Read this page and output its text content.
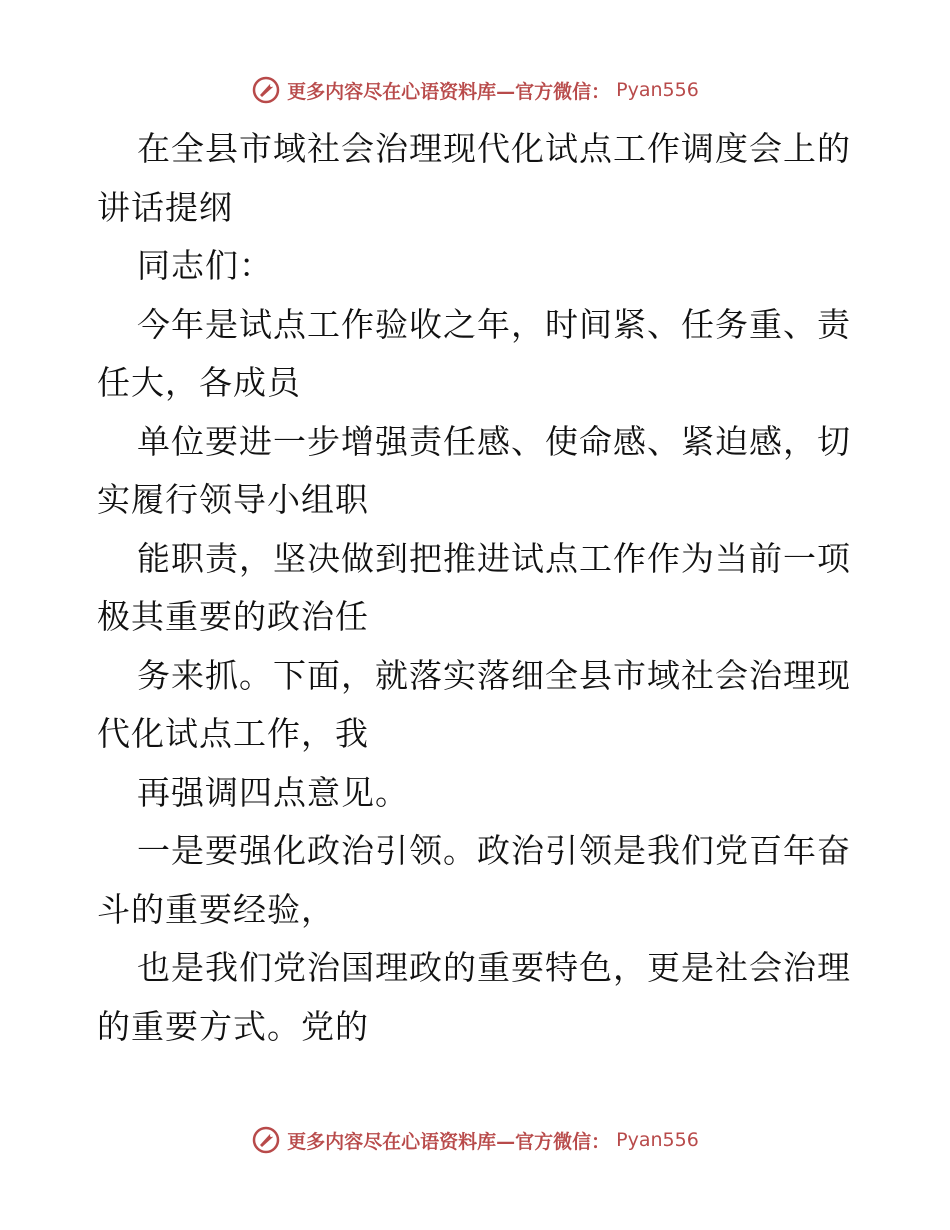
更多内容尽在心语资料库—官方微信： Pyan556
在全县市域社会治理现代化试点工作调度会上的
讲话提纲
同志们：
今年是试点工作验收之年，时间紧、任务重、责
任大，各成员
单位要进一步增强责任感、使命感、紧迫感，切
实履行领导小组职
能职责，坚决做到把推进试点工作作为当前一项
极其重要的政治任
务来抓。下面，就落实落细全县市域社会治理现
代化试点工作，我
再强调四点意见。
一是要强化政治引领。政治引领是我们党百年奋
斗的重要经验，
也是我们党治国理政的重要特色，更是社会治理
的重要方式。党的
更多内容尽在心语资料库—官方微信： Pyan556
